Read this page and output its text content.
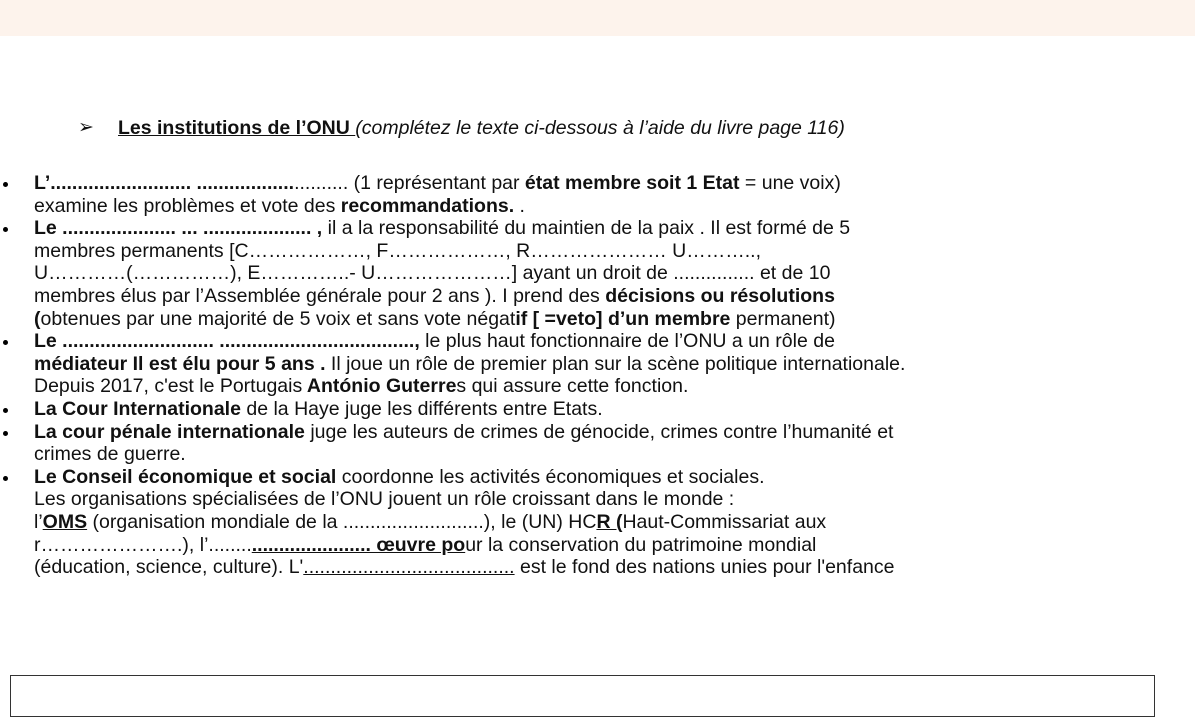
➢ Les institutions de l’ONU (complétez le texte ci-dessous à l’aide du livre page 116)
L’.......................... ............................ (1 représentant par état membre soit 1 Etat = une voix)
examine les problèmes et vote des recommandations. .
Le ..................... ... .................... , il a la responsabilité du maintien de la paix . Il est formé de 5
membres permanents [C………………, F………………, R………………… U………..,
U…………(……………), E…………..- U…………………] ayant un droit de ............... et de 10
membres élus par l’Assemblée générale pour 2 ans ). I prend des décisions ou résolutions
(obtenues par une majorité de 5 voix et sans vote négatif [ =veto] d’un membre permanent)
Le ............................ ...................................., le plus haut fonctionnaire de l’ONU a un rôle de
médiateur Il est élu pour 5 ans . Il joue un rôle de premier plan sur la scène politique internationale.
Depuis 2017, c'est le Portugais António Guterres qui assure cette fonction.
La Cour Internationale de la Haye juge les différents entre Etats.
La cour pénale internationale juge les auteurs de crimes de génocide, crimes contre l’humanité et
crimes de guerre.
Le Conseil économique et social coordonne les activités économiques et sociales.
Les organisations spécialisées de l’ONU jouent un rôle croissant dans le monde :
l’OMS (organisation mondiale de la ..........................), le (UN) HCR (Haut-Commissariat aux
r………………….), l’.............................. œuvre pour la conservation du patrimoine mondial
(éducation, science, culture). L'....................................... est le fond des nations unies pour l'enfance
